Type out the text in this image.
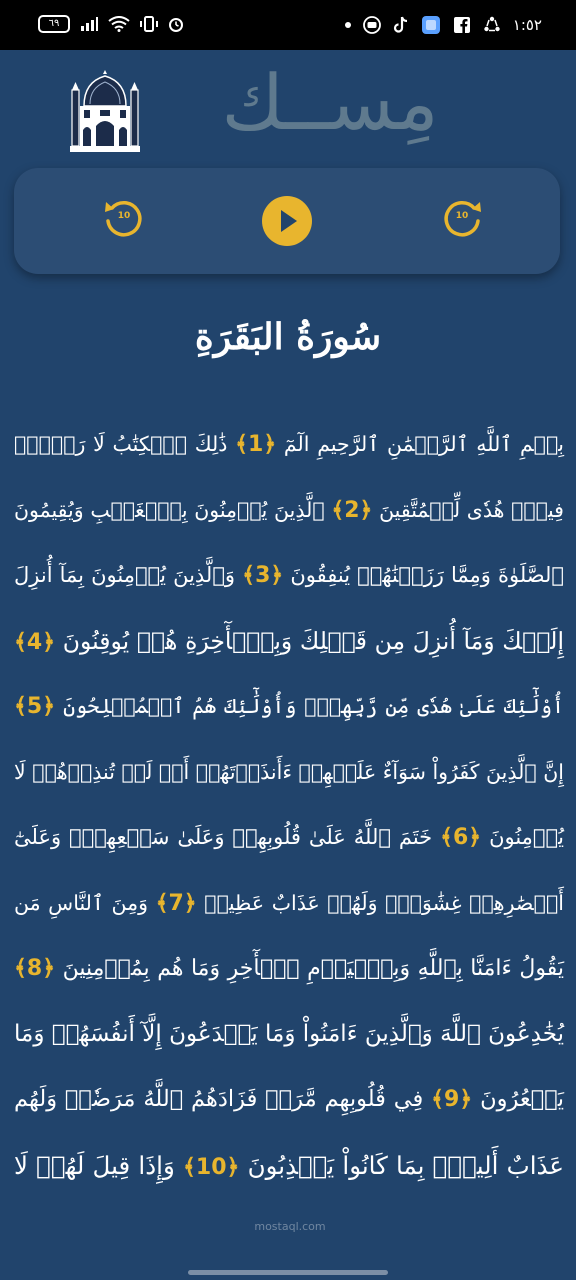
٦٩	١:٥٢
مِســك
10	10
سُورَةُ البَقَرَةِ
بِسۡمِ ٱللَّهِ ٱلرَّحۡمَٰنِ ٱلرَّحِيمِ الٓمٓ ﴿1﴾ ذَٰلِكَ ٱلۡكِتَٰبُ لَا رَيۡبَۛ
فِيهِۛ هُدٗى لِّلۡمُتَّقِينَ ﴿2﴾ ٱلَّذِينَ يُؤۡمِنُونَ بِٱلۡغَيۡبِ وَيُقِيمُونَ
ٱلصَّلَوٰةَ وَمِمَّا رَزَقۡنَٰهُمۡ يُنفِقُونَ ﴿3﴾ وَٱلَّذِينَ يُؤۡمِنُونَ بِمَآ أُنزِلَ
إِلَيۡكَ وَمَآ أُنزِلَ مِن قَبۡلِكَ وَبِٱلۡأٓخِرَةِ هُمۡ يُوقِنُونَ ﴿4﴾
أُوْلَٰٓئِكَ عَلَىٰ هُدٗى مِّن رَّبِّهِمۡۖ وَأُوْلَٰٓئِكَ هُمُ ٱلۡمُفۡلِحُونَ ﴿5﴾
إِنَّ ٱلَّذِينَ كَفَرُواْ سَوَآءٌ عَلَيۡهِمۡ ءَأَنذَرۡتَهُمۡ أَمۡ لَمۡ تُنذِرۡهُمۡ لَا
يُؤۡمِنُونَ ﴿6﴾ خَتَمَ ٱللَّهُ عَلَىٰ قُلُوبِهِمۡ وَعَلَىٰ سَمۡعِهِمۡۖ وَعَلَىٰٓ
أَبۡصَٰرِهِمۡ غِشَٰوَةٞۖ وَلَهُمۡ عَذَابٌ عَظِيمٞ ﴿7﴾ وَمِنَ ٱلنَّاسِ مَن
يَقُولُ ءَامَنَّا بِٱللَّهِ وَبِٱلۡيَوۡمِ ٱلۡأٓخِرِ وَمَا هُم بِمُؤۡمِنِينَ ﴿8﴾
يُخَٰدِعُونَ ٱللَّهَ وَٱلَّذِينَ ءَامَنُواْ وَمَا يَخۡدَعُونَ إِلَّآ أَنفُسَهُمۡ وَمَا
يَشۡعُرُونَ ﴿9﴾ فِي قُلُوبِهِم مَّرَضٞ فَزَادَهُمُ ٱللَّهُ مَرَضٗاۖ وَلَهُم
عَذَابٌ أَلِيمُۢ بِمَا كَانُواْ يَكۡذِبُونَ ﴿10﴾ وَإِذَا قِيلَ لَهُمۡ لَا
mostaql.com
